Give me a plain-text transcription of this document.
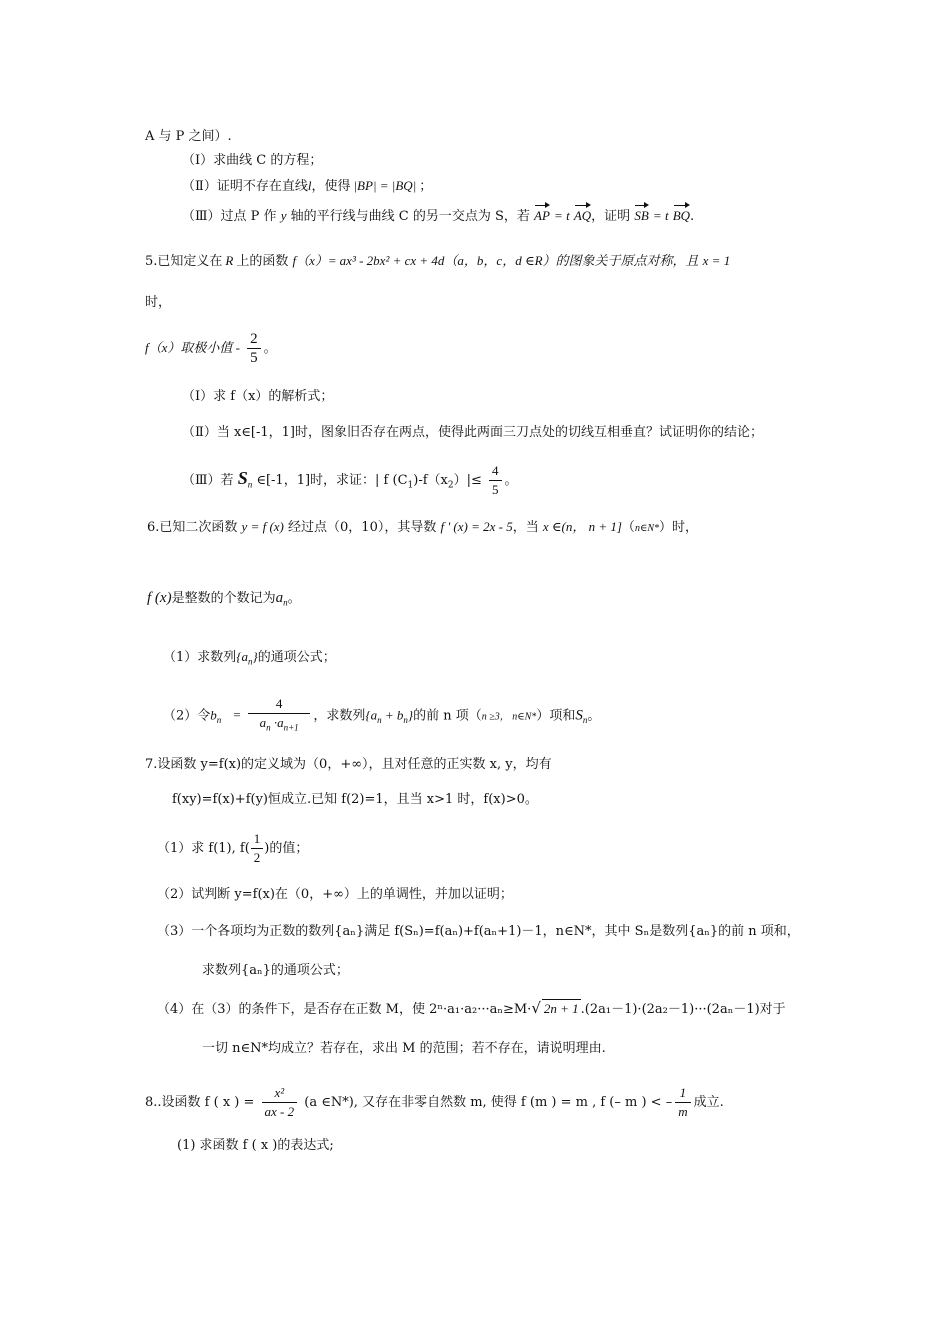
A 与 P 之间）.
（Ⅰ）求曲线 C 的方程；
（Ⅱ）证明不存在直线l，使得 |BP| = |BQ| ；
（Ⅲ）过点 P 作 y 轴的平行线与曲线 C 的另一交点为 S，若 AP = t AQ，证明 SB = t BQ.
5.已知定义在 R 上的函数 f（x）= ax³ - 2bx² + cx + 4d（a，b，c，d ∈R）的图象关于原点对称，且 x = 1
时，
f（x）取极小值 - $\frac{2}{5}$ 。
（Ⅰ）求 f（x）的解析式；
（Ⅱ）当 x∈[-1，1]时，图象旧否存在两点，使得此两面三刀点处的切线互相垂直？试证明你的结论；
（Ⅲ）若 $S_n$ ∈[-1，1]时，求证：| f $(C_1)-f(x_2)|\le \frac{4}{5}$ 。
6.已知二次函数 y = f (x) 经过点（0，10），其导数 f ' (x) = 2x - 5，当 x ∈(n， n + 1]（n∈N*）时，
f (x)是整数的个数记为$a_n$。
（1）求数列$\{a_n\}$的通项公式；
（2）令$b_n = \frac{4}{a_n \cdot a_{n+1}}$ ，求数列$\{a_n + b_n\}$的前 n 项（n ≥3， n∈N*）项和$S_n$。
7.设函数 y=f(x)的定义域为（0，+∞），且对任意的正实数 x, y，均有
f(xy)=f(x)+f(y)恒成立.已知 f(2)=1，且当 x>1 时，f(x)>0。
（1）求 f(1), $f( \frac{1}{2}$ )的值；
（2）试判断 y=f(x)在（0，+∞）上的单调性，并加以证明；
（3）一个各项均为正数的数列{aₙ}满足 f(Sₙ)=f(aₙ)+f(aₙ+1)－1，n∈N*，其中 Sₙ是数列{aₙ}的前 n 项和，
求数列{aₙ}的通项公式；
（4）在（3）的条件下，是否存在正数 M，使 2ⁿ·a₁·a₂···aₙ≥M·√ 2n + 1 .(2a₁－1)·(2a₂－1)···(2aₙ－1)对于
一切 n∈N*均成立？若存在，求出 M 的范围；若不存在，请说明理由.
8..设函数 f ( x ) = $\frac{\text{x²}}{ax - 2} (a$ ∈N*), 又存在非零自然数 m, 使得 f (m ) = m , f (– m ) < – $\frac{1}{m}$ 成立.
(1) 求函数 f ( x )的表达式;
